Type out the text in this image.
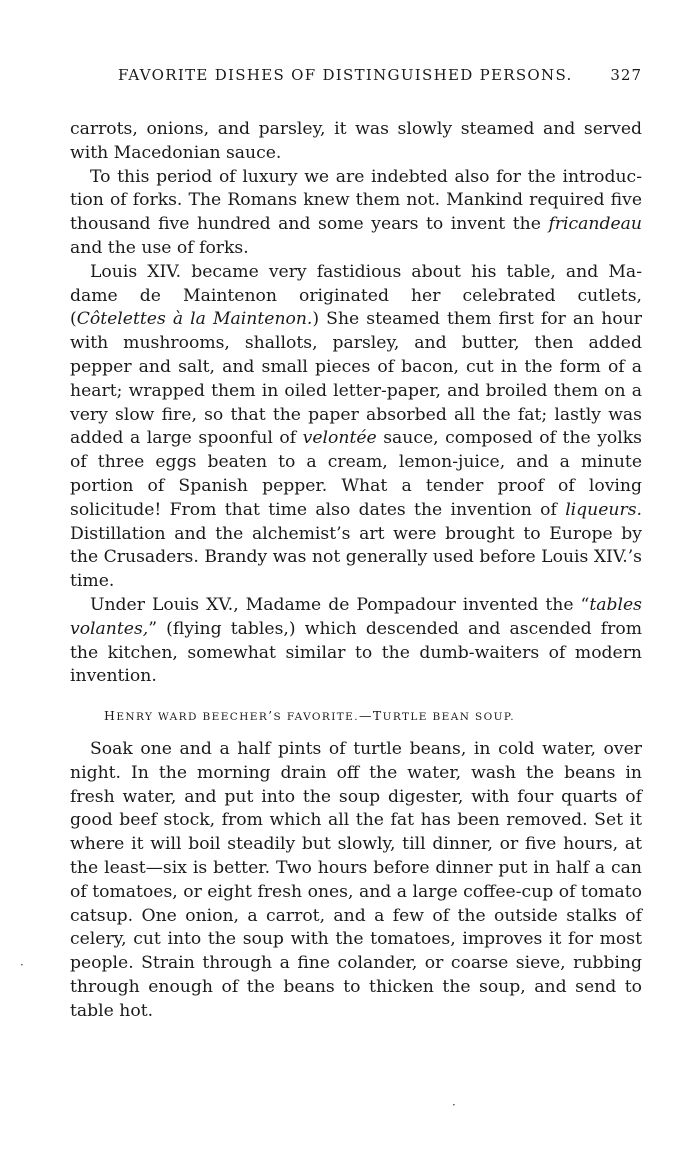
FAVORITE DISHES OF DISTINGUISHED PERSONS.	327

carrots, onions, and parsley, it was slowly steamed and served with Macedonian sauce.

To this period of luxury we are indebted also for the introduction of forks. The Romans knew them not. Mankind required five thousand five hundred and some years to invent the fricandeau and the use of forks.

Louis XIV. became very fastidious about his table, and Madame de Maintenon originated her celebrated cutlets, (Côtelettes à la Maintenon.) She steamed them first for an hour with mushrooms, shallots, parsley, and butter, then added pepper and salt, and small pieces of bacon, cut in the form of a heart; wrapped them in oiled letter-paper, and broiled them on a very slow fire, so that the paper absorbed all the fat; lastly was added a large spoonful of velontée sauce, composed of the yolks of three eggs beaten to a cream, lemon-juice, and a minute portion of Spanish pepper. What a tender proof of loving solicitude! From that time also dates the invention of liqueurs. Distillation and the alchemist’s art were brought to Europe by the Crusaders. Brandy was not generally used before Louis XIV.’s time.

Under Louis XV., Madame de Pompadour invented the “tables volantes,” (flying tables,) which descended and ascended from the kitchen, somewhat similar to the dumb-waiters of modern invention.

HENRY WARD BEECHER’S FAVORITE.—TURTLE BEAN SOUP.

Soak one and a half pints of turtle beans, in cold water, over night. In the morning drain off the water, wash the beans in fresh water, and put into the soup digester, with four quarts of good beef stock, from which all the fat has been removed. Set it where it will boil steadily but slowly, till dinner, or five hours, at the least—six is better. Two hours before dinner put in half a can of tomatoes, or eight fresh ones, and a large coffee-cup of tomato catsup. One onion, a carrot, and a few of the outside stalks of celery, cut into the soup with the tomatoes, improves it for most people. Strain through a fine colander, or coarse sieve, rubbing through enough of the beans to thicken the soup, and send to table hot.

·
·
